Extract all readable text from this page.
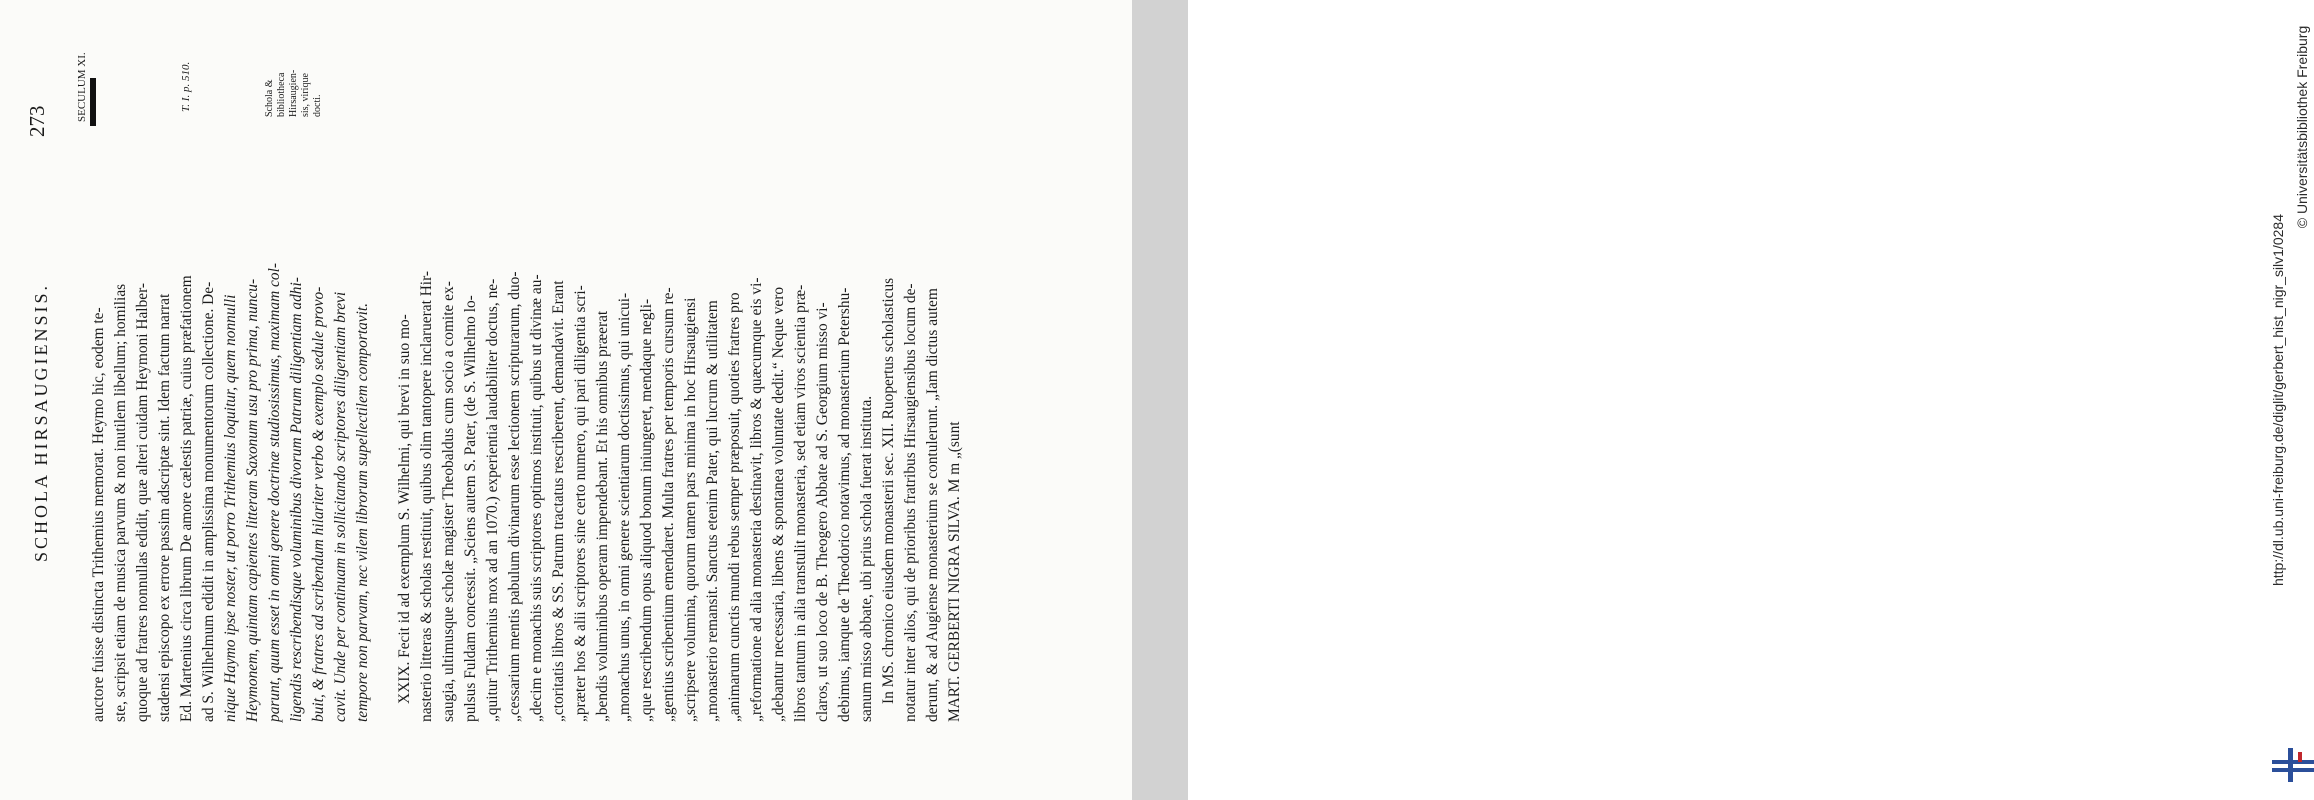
SCHOLA HIRSAUGIENSIS.
273 SECULUM XI.	T. I. p. 510.	Schola & bibliotheca Hirsaugien- sis, virique docti.
auctore fuisse distincta Trithemius memorat. Heymo hic, eodem te- ste, scripsit etiam de musica parvum & non inutilem libellum; homilias quoque ad fratres nonnullas edidit, quæ alteri cuidam Heymoni Halber- stadensi episcopo ex errore passim adscriptæ sint. Idem factum narrat Ed. Martenius circa librum De amore cælestis patriæ, cuius præfationem ad S. Wilhelmum edidit in amplissima monumentorum collectione. De- nique Haymo ipse noster, ut porro Trithemius loquitur, quem nonnulli Heymonem, quintam capientes litteram Saxonum usu pro prima, nuncu- parunt, quum esset in omni genere doctrinæ studiosissimus, maximam col- ligendis rescribendisque voluminibus divorum Patrum diligentiam adhi- buit, & fratres ad scribendum hilariter verbo & exemplo sedule provo- cavit. Unde per continuam in sollicitando scriptores diligentiam brevi tempore non parvam, nec vilem librorum supellectilem comportavit. XXIX. Fecit id ad exemplum S. Wilhelmi, qui brevi in suo mo- nasterio litteras & scholas restituit, quibus olim tantopere inclaruerat Hir- saugia, ultimusque scholæ magister Theobaldus cum socio a comite ex- pulsus Fuldam concessit. „Sciens autem S. Pater, (de S. Wilhelmo lo- „quitur Trithemius mox ad an 1070.) experientia laudabiliter doctus, ne- „cessarium mentis pabulum divinarum esse lectionem scripturarum, duo- „decim e monachis suis scriptores optimos instituit, quibus ut divinæ au- „ctoritatis libros & SS. Patrum tractatus rescriberent, demandavit. Erant „præter hos & alii scriptores sine certo numero, qui pari diligentia scri- „bendis voluminibus operam impendebant. Et his omnibus præerat „monachus unus, in omni genere scientiarum doctissimus, qui unicui- „que rescribendum opus aliquod bonum iniungeret, mendaque negli- „gentius scribentium emendaret. Multa fratres per temporis cursum re- „scripsere volumina, quorum tamen pars minima in hoc Hirsaugiensi „monasterio remansit. Sanctus etenim Pater, qui lucrum & utilitatem „animarum cunctis mundi rebus semper præposuit, quoties fratres pro „reformatione ad alia monasteria destinavit, libros & quæcumque eis vi- „debantur necessaria, libens & spontanea voluntate dedit.“ Neque vero libros tantum in alia transtulit monasteria, sed etiam viros scientia præ- claros, ut suo loco de B. Theogero Abbate ad S. Georgium misso vi- debimus, iamque de Theodorico notavimus, ad monasterium Petershu- sanum misso abbate, ubi prius schola fuerat instituta. In MS. chronico eiusdem monasterii sec. XII. Ruopertus scholasticus notatur inter alios, qui de prioribus fratribus Hirsaugiensibus locum de- derunt, & ad Augiense monasterium se contulerunt. „Iam dictus autem MART. GERBERTI NIGRA SILVA. M m „(sunt	http://dl.ub.uni-freiburg.de/diglit/gerbert_hist_nigr_silv1/0284
© Universitätsbibliothek Freiburg
